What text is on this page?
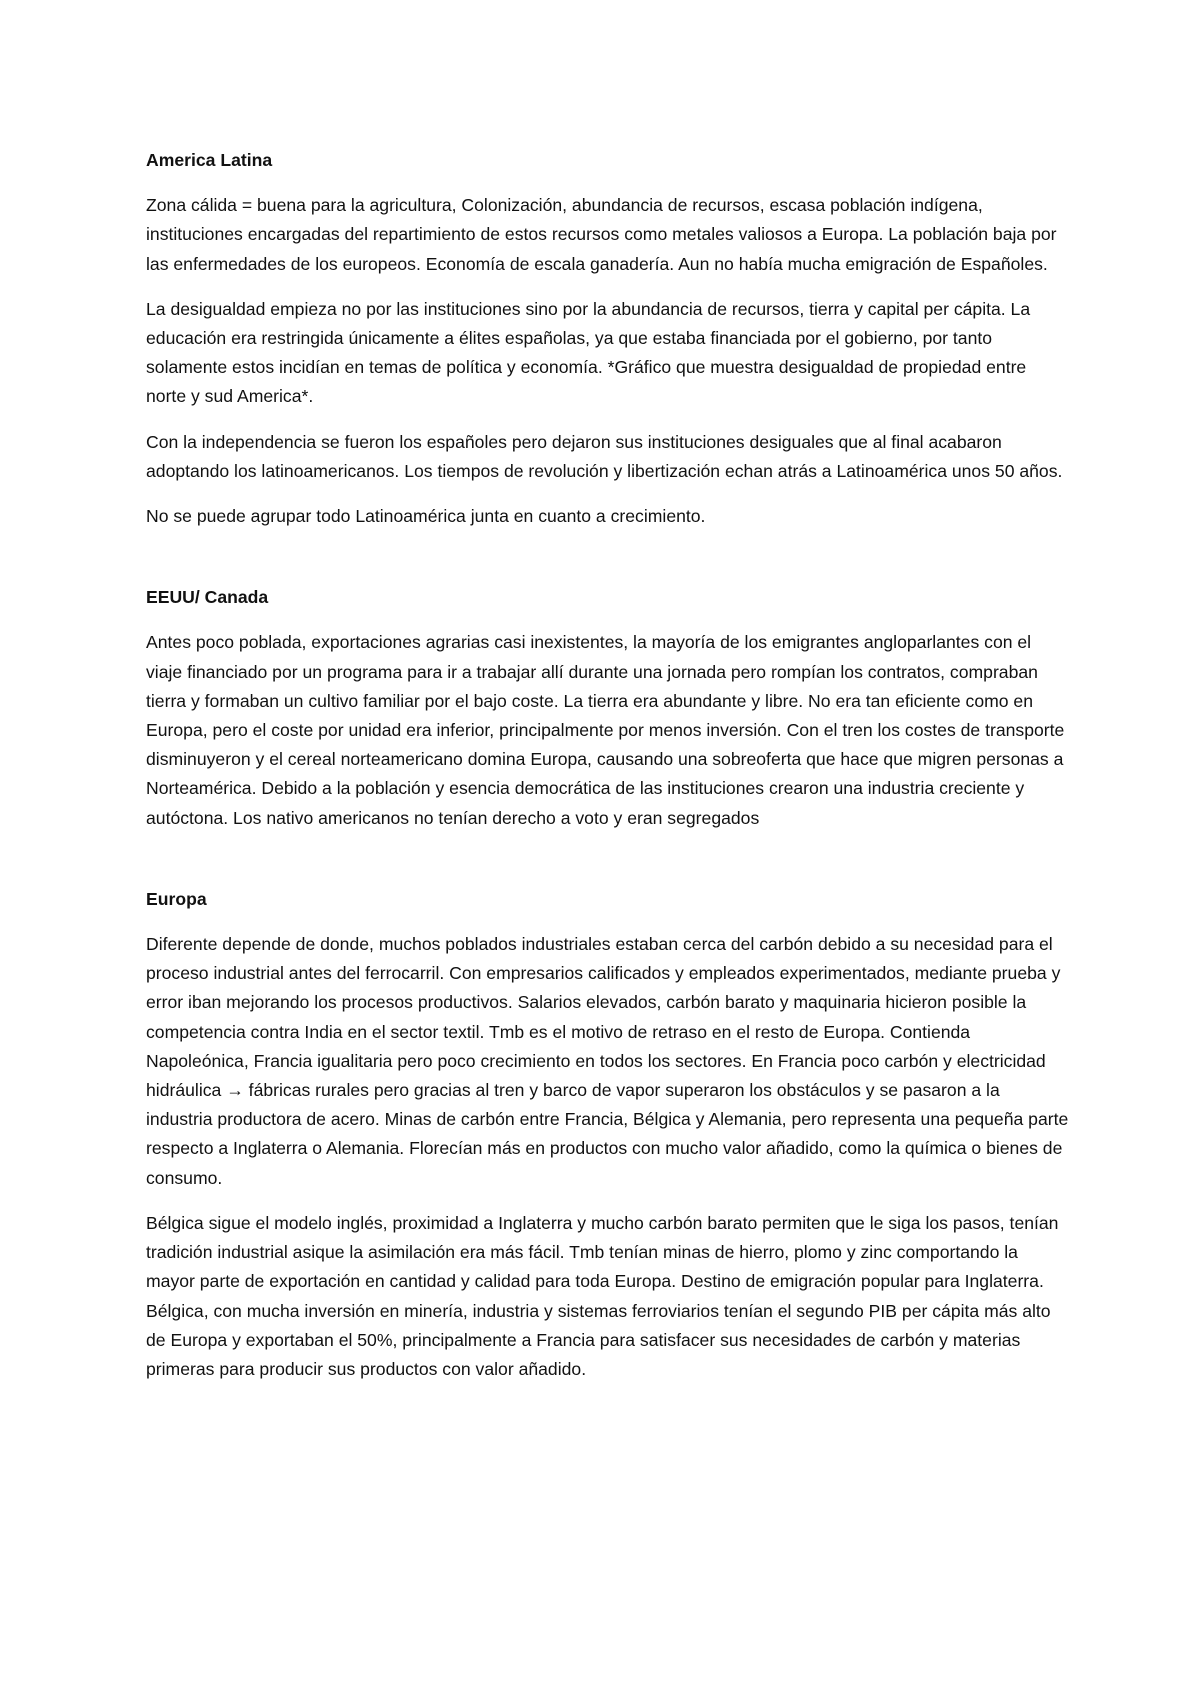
America Latina

Zona cálida = buena para la agricultura, Colonización, abundancia de recursos, escasa población indígena, instituciones encargadas del repartimiento de estos recursos como metales valiosos a Europa. La población baja por las enfermedades de los europeos. Economía de escala ganadería. Aun no había mucha emigración de Españoles.

La desigualdad empieza no por las instituciones sino por la abundancia de recursos, tierra y capital per cápita. La educación era restringida únicamente a élites españolas, ya que estaba financiada por el gobierno, por tanto solamente estos incidían en temas de política y economía. *Gráfico que muestra desigualdad de propiedad entre norte y sud America*.

Con la independencia se fueron los españoles pero dejaron sus instituciones desiguales que al final acabaron adoptando los latinoamericanos. Los tiempos de revolución y libertización echan atrás a Latinoamérica unos 50 años.

No se puede agrupar todo Latinoamérica junta en cuanto a crecimiento.

EEUU/ Canada

Antes poco poblada, exportaciones agrarias casi inexistentes, la mayoría de los emigrantes angloparlantes con el viaje financiado por un programa para ir a trabajar allí durante una jornada pero rompían los contratos, compraban tierra y formaban un cultivo familiar por el bajo coste. La tierra era abundante y libre. No era tan eficiente como en Europa, pero el coste por unidad era inferior, principalmente por menos inversión. Con el tren los costes de transporte disminuyeron y el cereal norteamericano domina Europa, causando una sobreoferta que hace que migren personas a Norteamérica. Debido a la población y esencia democrática de las instituciones crearon una industria creciente y autóctona. Los nativo americanos no tenían derecho a voto y eran segregados

Europa

Diferente depende de donde, muchos poblados industriales estaban cerca del carbón debido a su necesidad para el proceso industrial antes del ferrocarril. Con empresarios calificados y empleados experimentados, mediante prueba y error iban mejorando los procesos productivos. Salarios elevados, carbón barato y maquinaria hicieron posible la competencia contra India en el sector textil. Tmb es el motivo de retraso en el resto de Europa. Contienda Napoleónica, Francia igualitaria pero poco crecimiento en todos los sectores. En Francia poco carbón y electricidad hidráulica → fábricas rurales pero gracias al tren y barco de vapor superaron los obstáculos y se pasaron a la industria productora de acero. Minas de carbón entre Francia, Bélgica y Alemania, pero representa una pequeña parte respecto a Inglaterra o Alemania. Florecían más en productos con mucho valor añadido, como la química o bienes de consumo.

Bélgica sigue el modelo inglés, proximidad a Inglaterra y mucho carbón barato permiten que le siga los pasos, tenían tradición industrial asique la asimilación era más fácil. Tmb tenían minas de hierro, plomo y zinc comportando la mayor parte de exportación en cantidad y calidad para toda Europa. Destino de emigración popular para Inglaterra. Bélgica, con mucha inversión en minería, industria y sistemas ferroviarios tenían el segundo PIB per cápita más alto de Europa y exportaban el 50%, principalmente a Francia para satisfacer sus necesidades de carbón y materias primeras para producir sus productos con valor añadido.
